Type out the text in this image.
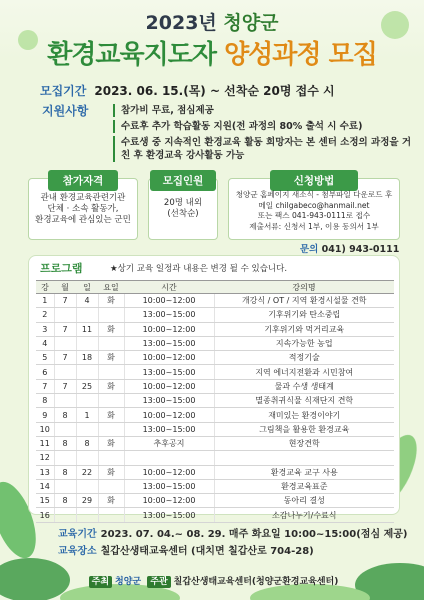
2023년 청양군
환경교육지도자 양성과정 모집
모집기간 2023. 06. 15.(목) ~ 선착순 20명 접수 시
지원사항	참가비 무료, 점심제공
수료후 추가 학습활동 지원(전 과정의 80% 출석 시 수료)
수료생 중 지속적인 환경교육 활동 희망자는 본 센터 소정의 과정을 거친 후 환경교육 강사활동 가능
참가자격
관내 환경교육관련기관
단체 · 소속 활동가,
환경교육에 관심있는 군민
모집인원
20명 내외
(선착순)
신청방법
청양군 홈페이지 새소식 - 첨부파일 다운로드 후
메일 chilgabeco@hanmail.net
또는 팩스 041-943-0111로 접수
제출서류: 신청서 1부, 이용 동의서 1부
문의 041) 943-0111
프로그램	★상기 교육 일정과 내용은 변경 될 수 있습니다.
강	월	일	요일	시간	강의명
1	7	4	화	10:00~12:00	개강식 / OT / 지역 환경시설물 견학
2				13:00~15:00	기후위기와 탄소중립
3	7	11	화	10:00~12:00	기후위기와 먹거리교육
4				13:00~15:00	지속가능한 농업
5	7	18	화	10:00~12:00	적정기술
6				13:00~15:00	지역 에너지전환과 시민참여
7	7	25	화	10:00~12:00	물과 수생 생태계
8				13:00~15:00	멸종취귀식물 식재단지 견학
9	8	1	화	10:00~12:00	재미있는 환경이야기
10				13:00~15:00	그림책을 활용한 환경교육
11	8	8	화	추후공지	현장견학
12					
13	8	22	화	10:00~12:00	환경교육 교구 사용
14				13:00~15:00	환경교육표준
15	8	29	화	10:00~12:00	동아리 결성
16				13:00~15:00	소감나누기/수료식
교육기간 2023. 07. 04.~ 08. 29. 매주 화요일 10:00~15:00(점심 제공)
교육장소 칠갑산생태교육센터 (대치면 칠갑산로 704-28)
주최 청양군 주관 칠갑산생태교육센터(청양군환경교육센터)
